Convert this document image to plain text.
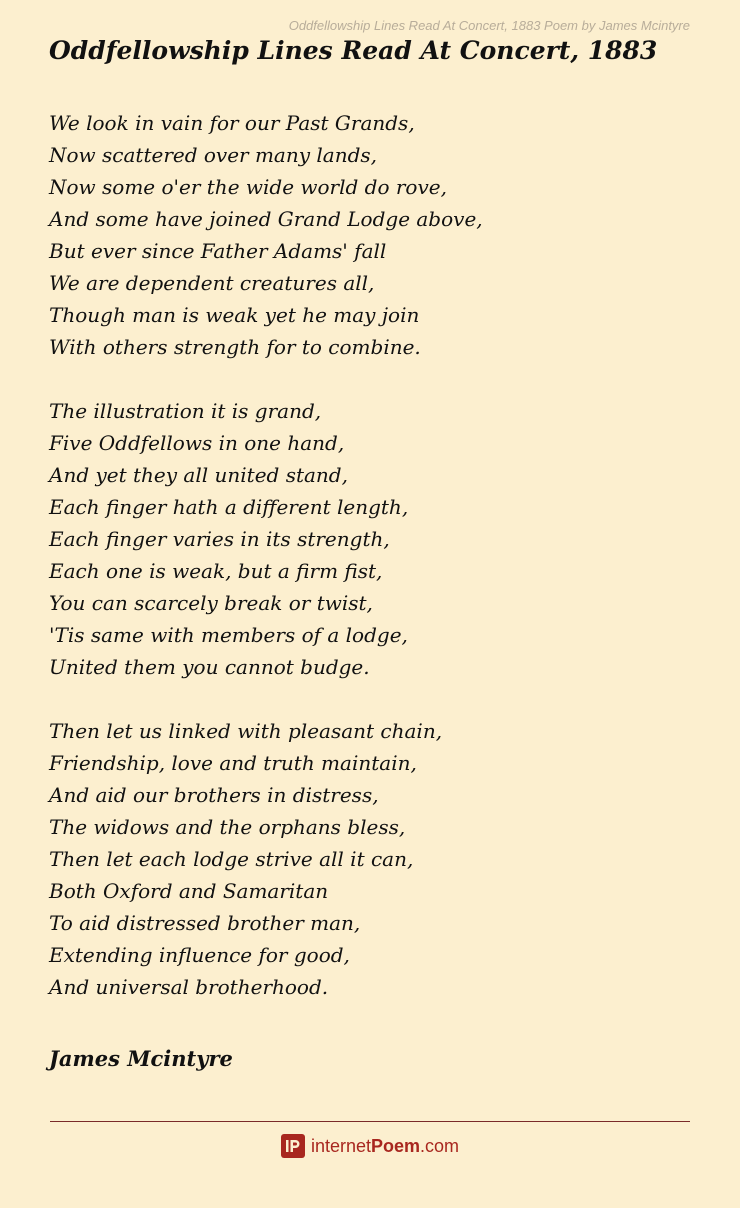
Oddfellowship Lines Read At Concert, 1883 Poem by James Mcintyre
Oddfellowship Lines Read At Concert, 1883
We look in vain for our Past Grands,
Now scattered over many lands,
Now some o'er the wide world do rove,
And some have joined Grand Lodge above,
But ever since Father Adams' fall
We are dependent creatures all,
Though man is weak yet he may join
With others strength for to combine.
The illustration it is grand,
Five Oddfellows in one hand,
And yet they all united stand,
Each finger hath a different length,
Each finger varies in its strength,
Each one is weak, but a firm fist,
You can scarcely break or twist,
'Tis same with members of a lodge,
United them you cannot budge.
Then let us linked with pleasant chain,
Friendship, love and truth maintain,
And aid our brothers in distress,
The widows and the orphans bless,
Then let each lodge strive all it can,
Both Oxford and Samaritan
To aid distressed brother man,
Extending influence for good,
And universal brotherhood.
James Mcintyre
internetPoem.com
